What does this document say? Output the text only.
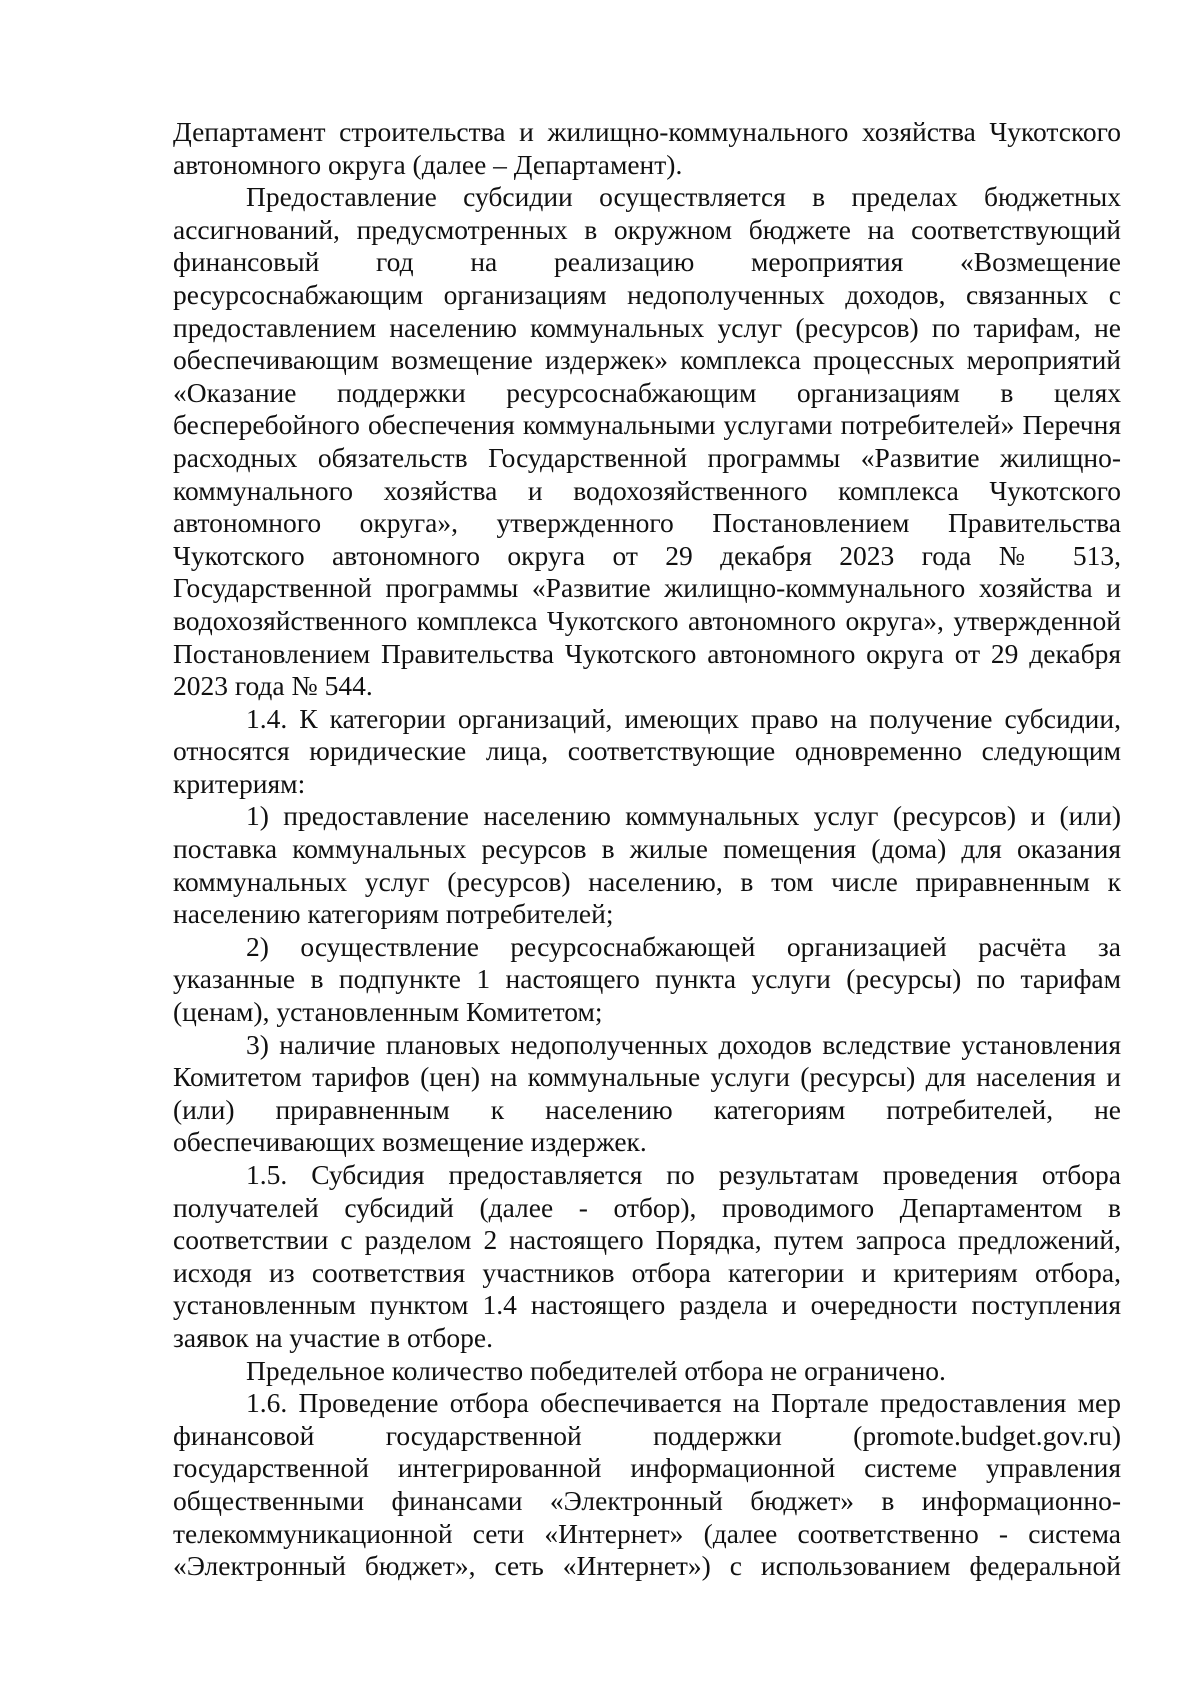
Департамент строительства и жилищно-коммунального хозяйства Чукотского автономного округа (далее – Департамент).

Предоставление субсидии осуществляется в пределах бюджетных ассигнований, предусмотренных в окружном бюджете на соответствующий финансовый год на реализацию мероприятия «Возмещение ресурсоснабжающим организациям недополученных доходов, связанных с предоставлением населению коммунальных услуг (ресурсов) по тарифам, не обеспечивающим возмещение издержек» комплекса процессных мероприятий «Оказание поддержки ресурсоснабжающим организациям в целях бесперебойного обеспечения коммунальными услугами потребителей» Перечня расходных обязательств Государственной программы «Развитие жилищно-коммунального хозяйства и водохозяйственного комплекса Чукотского автономного округа», утвержденного Постановлением Правительства Чукотского автономного округа от 29 декабря 2023 года № 513, Государственной программы «Развитие жилищно-коммунального хозяйства и водохозяйственного комплекса Чукотского автономного округа», утвержденной Постановлением Правительства Чукотского автономного округа от 29 декабря 2023 года № 544.

1.4. К категории организаций, имеющих право на получение субсидии, относятся юридические лица, соответствующие одновременно следующим критериям:

1) предоставление населению коммунальных услуг (ресурсов) и (или) поставка коммунальных ресурсов в жилые помещения (дома) для оказания коммунальных услуг (ресурсов) населению, в том числе приравненным к населению категориям потребителей;

2) осуществление ресурсоснабжающей организацией расчёта за указанные в подпункте 1 настоящего пункта услуги (ресурсы) по тарифам (ценам), установленным Комитетом;

3) наличие плановых недополученных доходов вследствие установления Комитетом тарифов (цен) на коммунальные услуги (ресурсы) для населения и (или) приравненным к населению категориям потребителей, не обеспечивающих возмещение издержек.

1.5. Субсидия предоставляется по результатам проведения отбора получателей субсидий (далее - отбор), проводимого Департаментом в соответствии с разделом 2 настоящего Порядка, путем запроса предложений, исходя из соответствия участников отбора категории и критериям отбора, установленным пунктом 1.4 настоящего раздела и очередности поступления заявок на участие в отборе.

Предельное количество победителей отбора не ограничено.

1.6. Проведение отбора обеспечивается на Портале предоставления мер финансовой государственной поддержки (promote.budget.gov.ru) государственной интегрированной информационной системе управления общественными финансами «Электронный бюджет» в информационно-телекоммуникационной сети «Интернет» (далее соответственно - система «Электронный бюджет», сеть «Интернет») с использованием федеральной
